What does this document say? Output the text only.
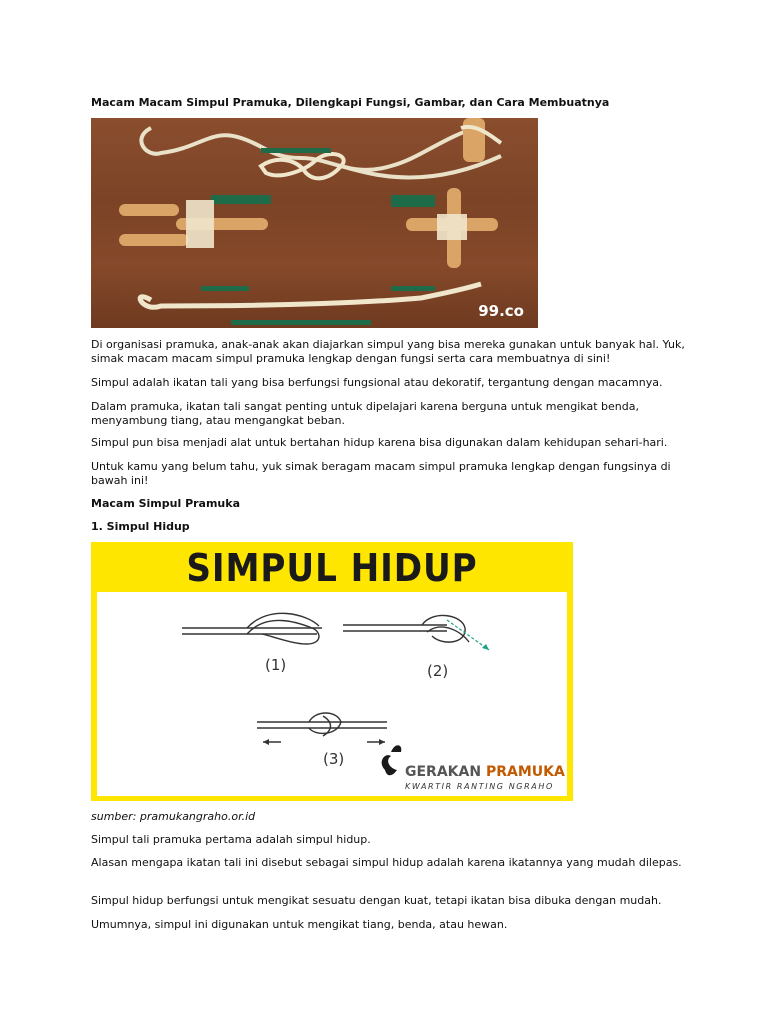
Macam Macam Simpul Pramuka, Dilengkapi Fungsi, Gambar, dan Cara Membuatnya
99.co

Di organisasi pramuka, anak-anak akan diajarkan simpul yang bisa mereka gunakan untuk banyak hal. Yuk, simak macam macam simpul pramuka lengkap dengan fungsi serta cara membuatnya di sini!

Simpul adalah ikatan tali yang bisa berfungsi fungsional atau dekoratif, tergantung dengan macamnya.

Dalam pramuka, ikatan tali sangat penting untuk dipelajari karena berguna untuk mengikat benda, menyambung tiang, atau mengangkat beban.

Simpul pun bisa menjadi alat untuk bertahan hidup karena bisa digunakan dalam kehidupan sehari-hari.

Untuk kamu yang belum tahu, yuk simak beragam macam simpul pramuka lengkap dengan fungsinya di bawah ini!

Macam Simpul Pramuka

1. Simpul Hidup

SIMPUL HIDUP
(1)	(2)
(3)
GERAKAN PRAMUKA
KWARTIR RANTING NGRAHO

sumber: pramukangraho.or.id

Simpul tali pramuka pertama adalah simpul hidup.

Alasan mengapa ikatan tali ini disebut sebagai simpul hidup adalah karena ikatannya yang mudah dilepas.

Simpul hidup berfungsi untuk mengikat sesuatu dengan kuat, tetapi ikatan bisa dibuka dengan mudah.

Umumnya, simpul ini digunakan untuk mengikat tiang, benda, atau hewan.
